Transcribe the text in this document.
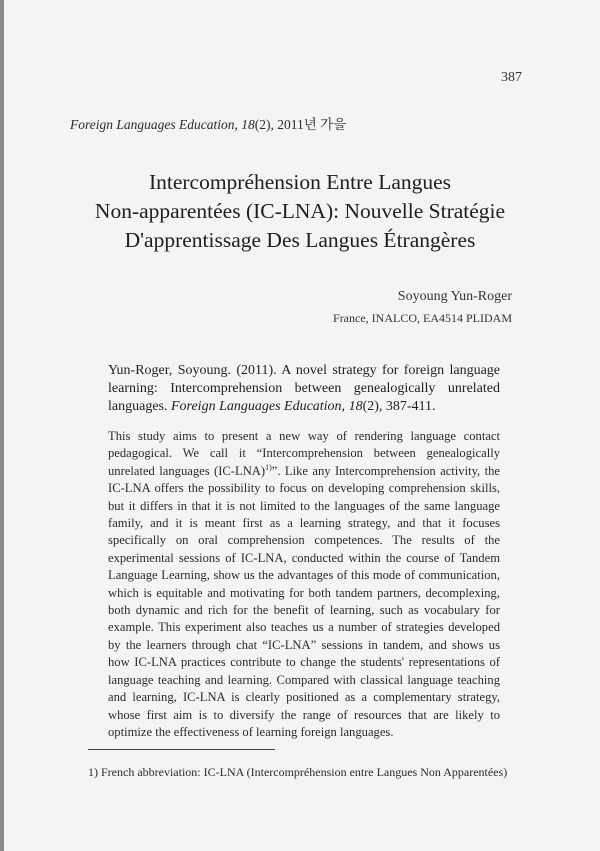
387
Foreign Languages Education, 18(2), 2011년 가을
Intercompréhension Entre Langues
Non-apparentées (IC-LNA): Nouvelle Stratégie
D'apprentissage Des Langues Étrangères
Soyoung Yun-Roger
France, INALCO, EA4514 PLIDAM
Yun-Roger, Soyoung. (2011). A novel strategy for foreign language learning: Intercomprehension between genealogically unrelated languages. Foreign Languages Education, 18(2), 387-411.
This study aims to present a new way of rendering language contact pedagogical. We call it “Intercomprehension between genealogically unrelated languages (IC-LNA)$^{1)}$”. Like any Intercomprehension activity, the IC-LNA offers the possibility to focus on developing comprehension skills, but it differs in that it is not limited to the languages of the same language family, and it is meant first as a learning strategy, and that it focuses specifically on oral comprehension competences. The results of the experimental sessions of IC-LNA, conducted within the course of Tandem Language Learning, show us the advantages of this mode of communication, which is equitable and motivating for both tandem partners, decomplexing, both dynamic and rich for the benefit of learning, such as vocabulary for example. This experiment also teaches us a number of strategies developed by the learners through chat “IC-LNA” sessions in tandem, and shows us how IC-LNA practices contribute to change the students' representations of language teaching and learning. Compared with classical language teaching and learning, IC-LNA is clearly positioned as a complementary strategy, whose first aim is to diversify the range of resources that are likely to optimize the effectiveness of learning foreign languages.
1) French abbreviation: IC-LNA (Intercompréhension entre Langues Non Apparentées)
